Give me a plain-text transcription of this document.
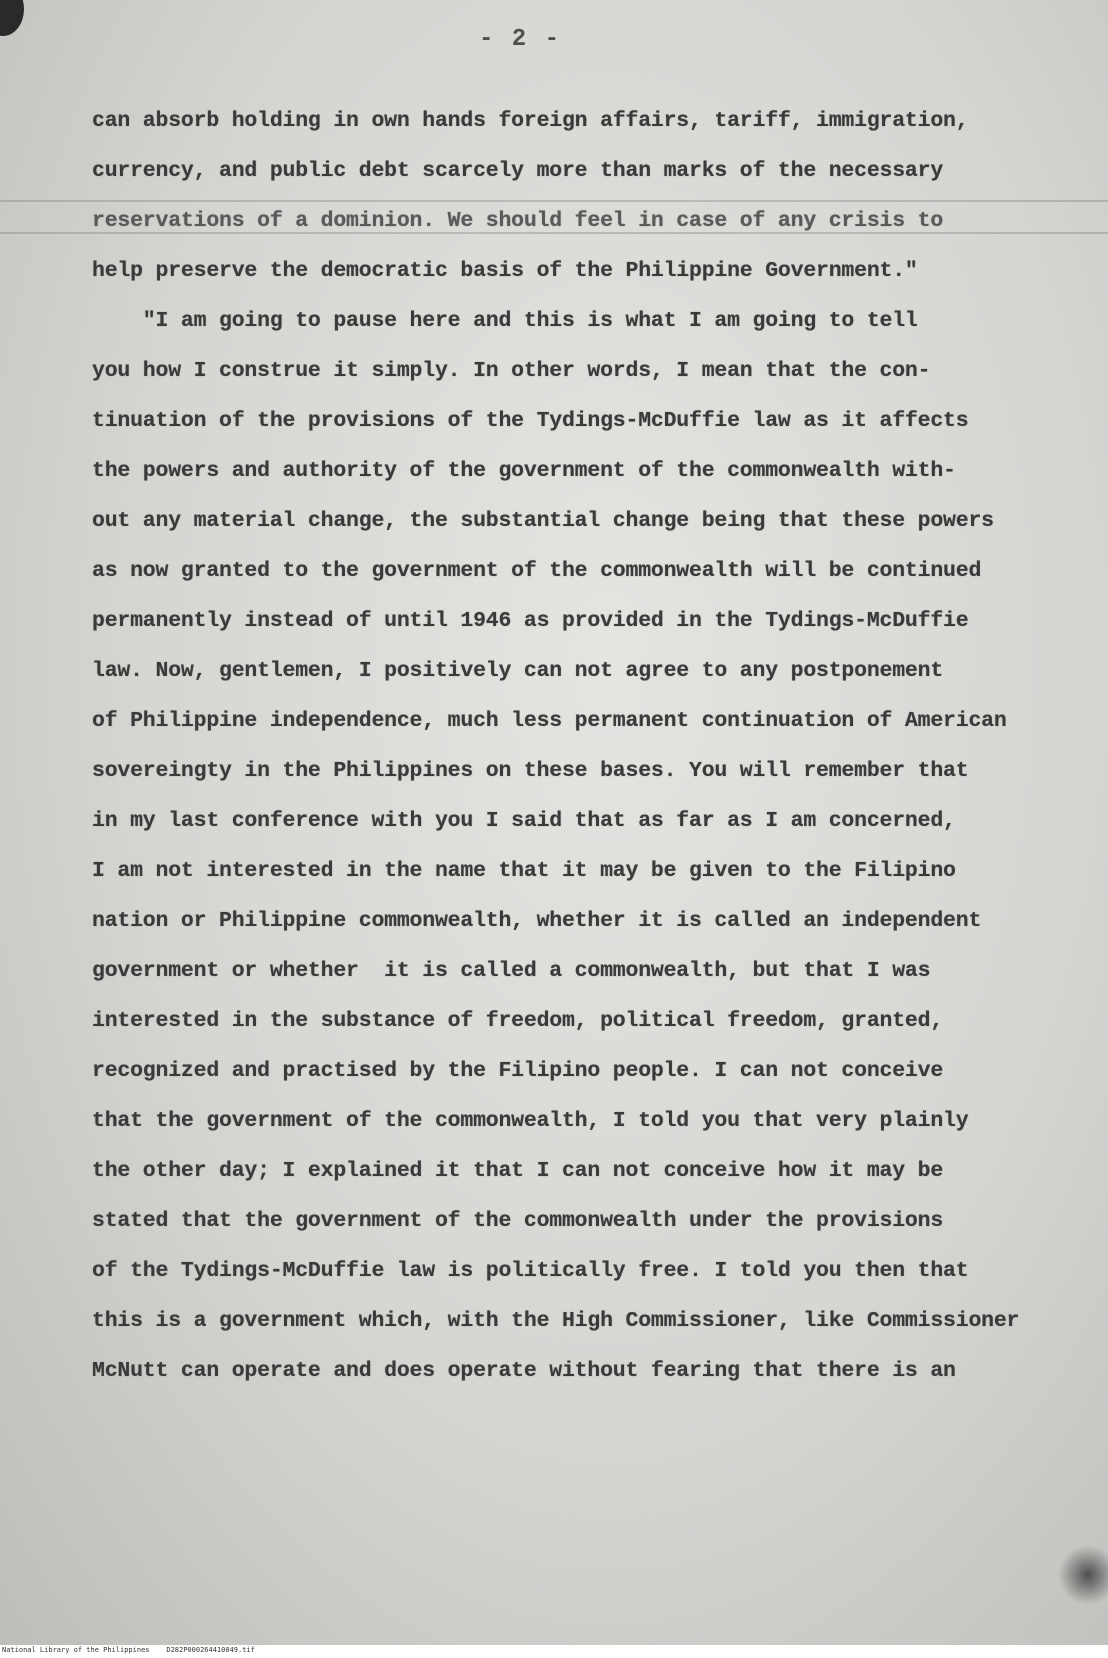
- 2 -
can absorb holding in own hands foreign affairs, tariff, immigration,
currency, and public debt scarcely more than marks of the necessary
reservations of a dominion. We should feel in case of any crisis to
help preserve the democratic basis of the Philippine Government."
"I am going to pause here and this is what I am going to tell
you how I construe it simply. In other words, I mean that the con-
tinuation of the provisions of the Tydings-McDuffie law as it affects
the powers and authority of the government of the commonwealth with-
out any material change, the substantial change being that these powers
as now granted to the government of the commonwealth will be continued
permanently instead of until 1946 as provided in the Tydings-McDuffie
law. Now, gentlemen, I positively can not agree to any postponement
of Philippine independence, much less permanent continuation of American
sovereingty in the Philippines on these bases. You will remember that
in my last conference with you I said that as far as I am concerned,
I am not interested in the name that it may be given to the Filipino
nation or Philippine commonwealth, whether it is called an independent
government or whether  it is called a commonwealth, but that I was
interested in the substance of freedom, political freedom, granted,
recognized and practised by the Filipino people. I can not conceive
that the government of the commonwealth, I told you that very plainly
the other day; I explained it that I can not conceive how it may be
stated that the government of the commonwealth under the provisions
of the Tydings-McDuffie law is politically free. I told you then that
this is a government which, with the High Commissioner, like Commissioner
McNutt can operate and does operate without fearing that there is an
National Library of the Philippines    D282P000264410049.tif
